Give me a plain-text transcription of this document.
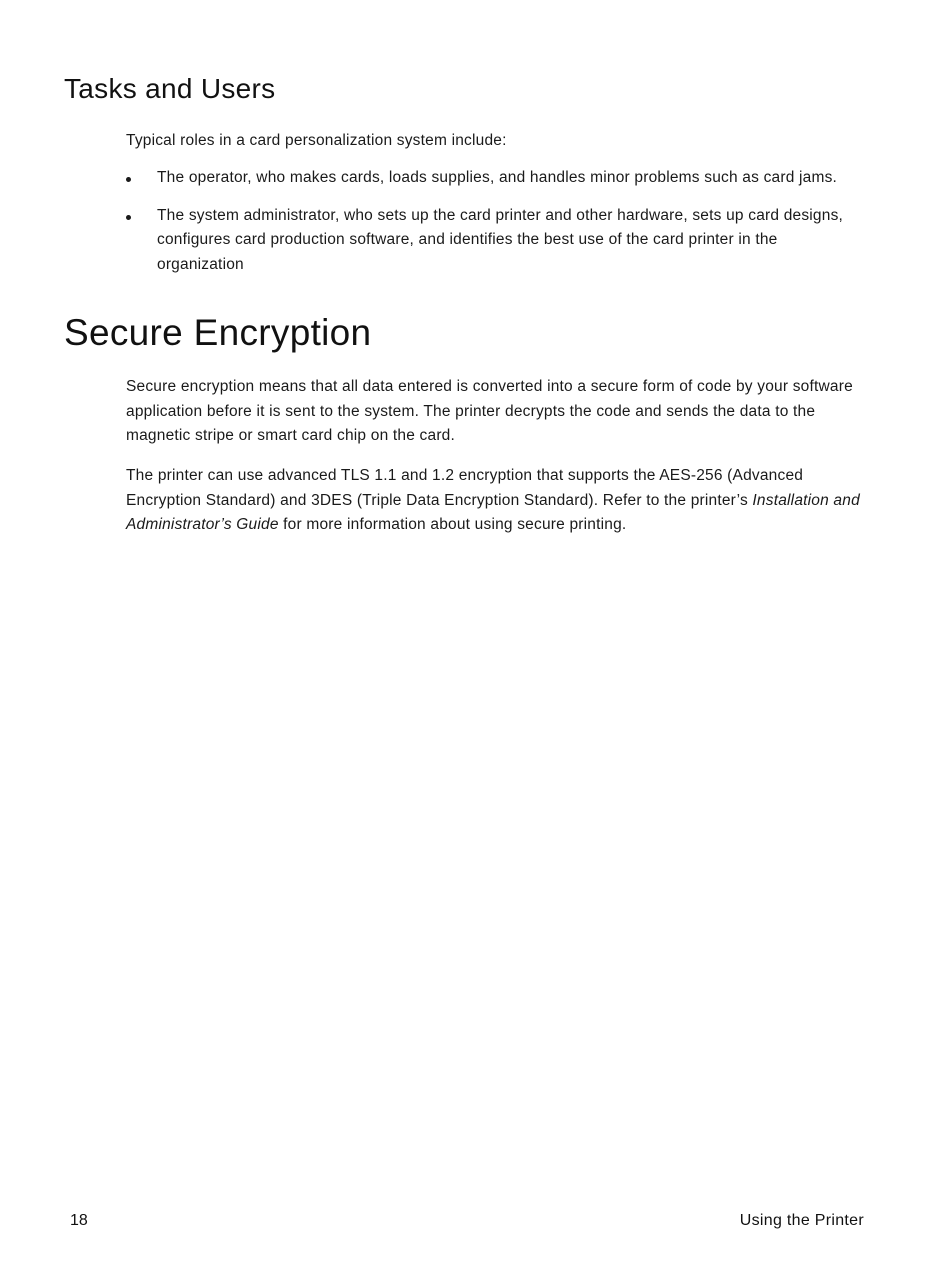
Tasks and Users

Typical roles in a card personalization system include:

The operator, who makes cards, loads supplies, and handles minor problems such as card jams.
The system administrator, who sets up the card printer and other hardware, sets up card designs, configures card production software, and identifies the best use of the card printer in the organization
Secure Encryption

Secure encryption means that all data entered is converted into a secure form of code by your software application before it is sent to the system. The printer decrypts the code and sends the data to the magnetic stripe or smart card chip on the card.

The printer can use advanced TLS 1.1 and 1.2 encryption that supports the AES-256 (Advanced Encryption Standard) and 3DES (Triple Data Encryption Standard). Refer to the printer’s Installation and Administrator’s Guide for more information about using secure printing.

18	Using the Printer
